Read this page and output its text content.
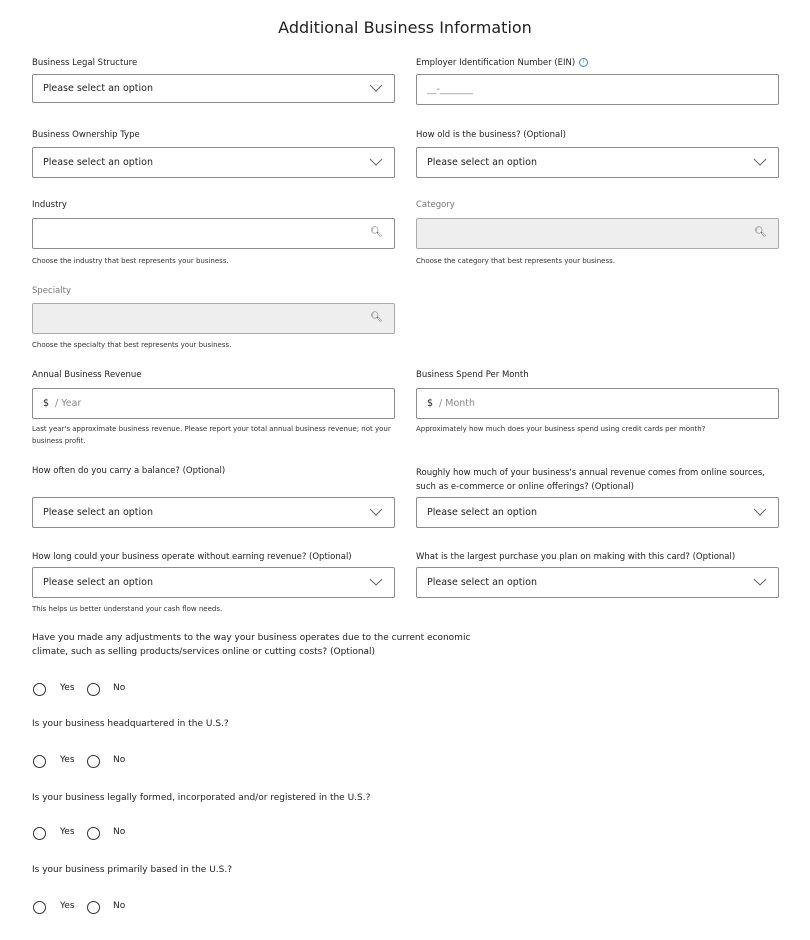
Additional Business Information
Business Legal Structure
Please select an option
Employer Identification Number (EIN) i
__-_______
Business Ownership Type
Please select an option
How old is the business? (Optional)
Please select an option
Industry
🔍︎
Choose the industry that best represents your business.
Category
🔍︎
Choose the category that best represents your business.
Specialty
🔍︎
Choose the specialty that best represents your business.
Annual Business Revenue
$ / Year
Last year's approximate business revenue. Please report your total annual business revenue; not your business profit.
Business Spend Per Month
$ / Month
Approximately how much does your business spend using credit cards per month?
How often do you carry a balance? (Optional)
Please select an option
Roughly how much of your business's annual revenue comes from online sources, such as e-commerce or online offerings? (Optional)
Please select an option
How long could your business operate without earning revenue? (Optional)
Please select an option
This helps us better understand your cash flow needs.
What is the largest purchase you plan on making with this card? (Optional)
Please select an option
Have you made any adjustments to the way your business operates due to the current economic climate, such as selling products/services online or cutting costs? (Optional)
Yes	No
Is your business headquartered in the U.S.?
Yes	No
Is your business legally formed, incorporated and/or registered in the U.S.?
Yes	No
Is your business primarily based in the U.S.?
Yes	No
